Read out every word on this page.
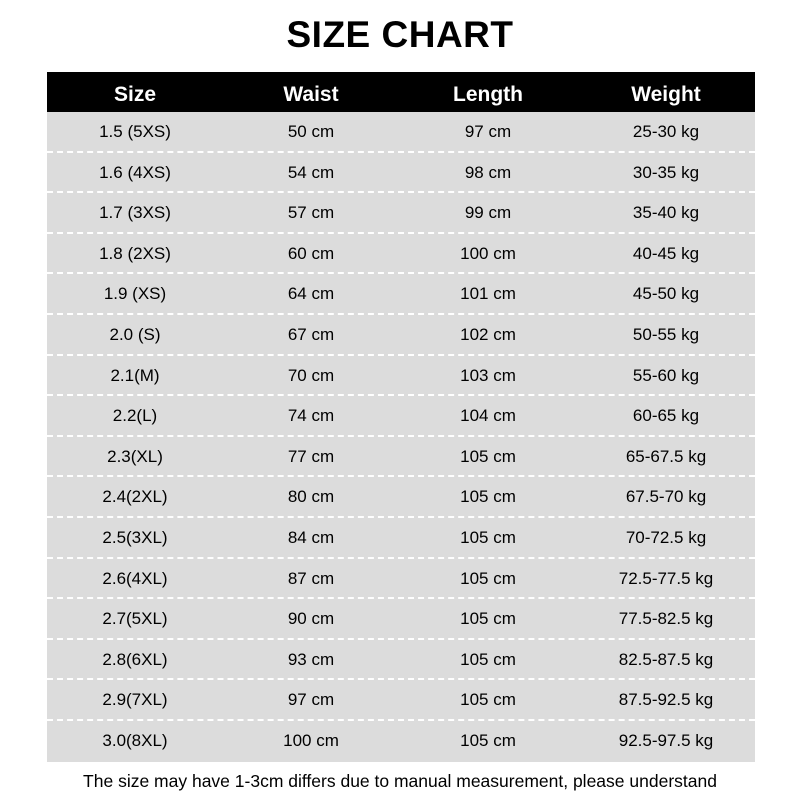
SIZE CHART
Size	Waist	Length	Weight
1.5 (5XS)	50 cm	97 cm	25-30 kg
1.6 (4XS)	54 cm	98 cm	30-35 kg
1.7 (3XS)	57 cm	99 cm	35-40 kg
1.8 (2XS)	60 cm	100 cm	40-45 kg
1.9 (XS)	64 cm	101 cm	45-50 kg
2.0 (S)	67 cm	102 cm	50-55 kg
2.1(M)	70 cm	103 cm	55-60 kg
2.2(L)	74 cm	104 cm	60-65 kg
2.3(XL)	77 cm	105 cm	65-67.5 kg
2.4(2XL)	80 cm	105 cm	67.5-70 kg
2.5(3XL)	84 cm	105 cm	70-72.5 kg
2.6(4XL)	87 cm	105 cm	72.5-77.5 kg
2.7(5XL)	90 cm	105 cm	77.5-82.5 kg
2.8(6XL)	93 cm	105 cm	82.5-87.5 kg
2.9(7XL)	97 cm	105 cm	87.5-92.5 kg
3.0(8XL)	100 cm	105 cm	92.5-97.5 kg
The size may have 1-3cm differs due to manual measurement, please understand
